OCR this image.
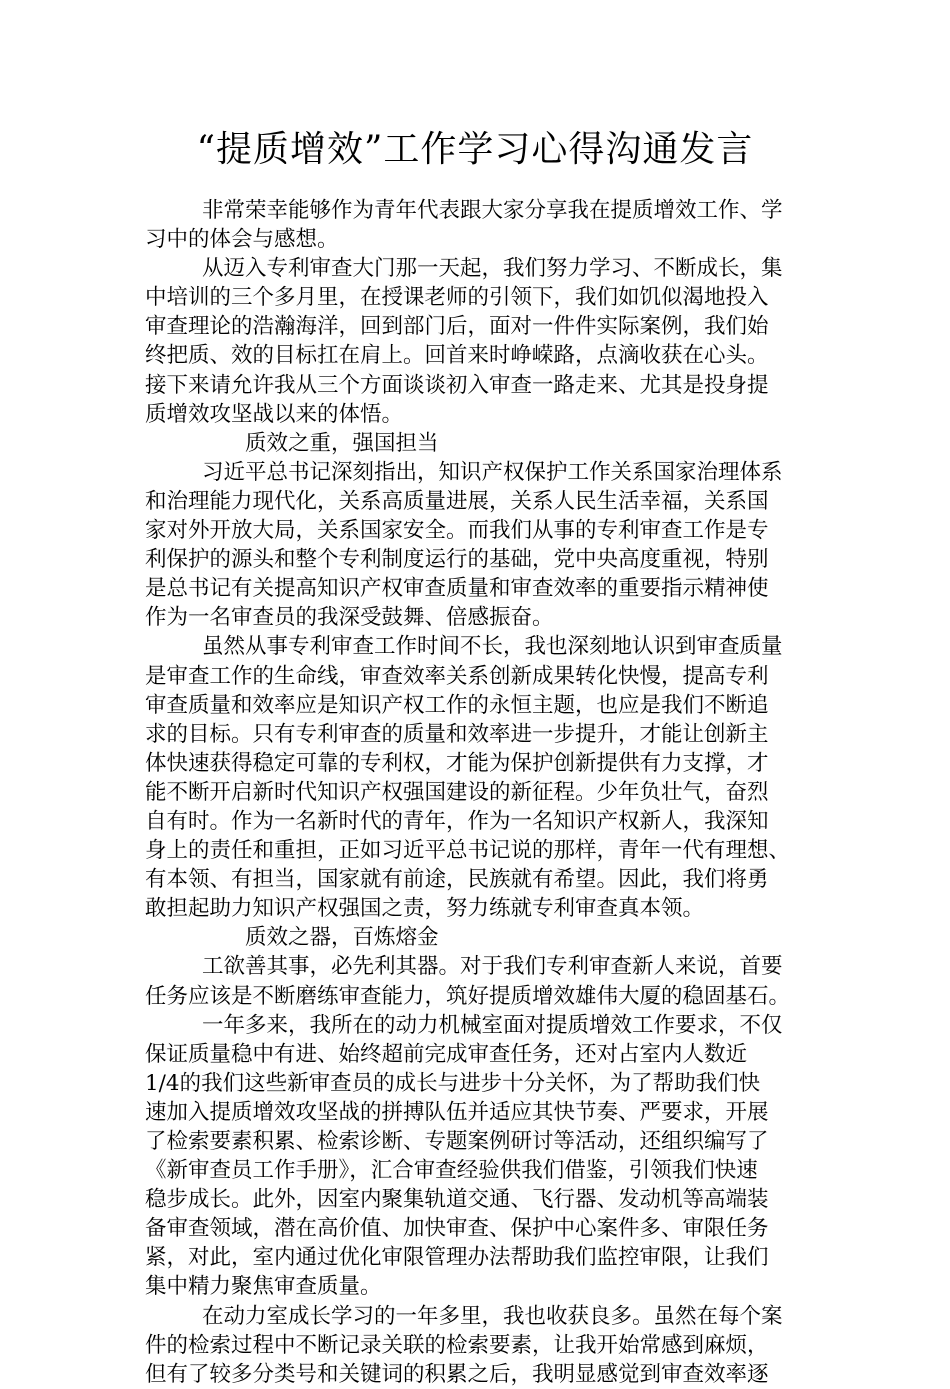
“提质增效”工作学习心得沟通发言

非常荣幸能够作为青年代表跟大家分享我在提质增效工作、学

习中的体会与感想。

从迈入专利审查大门那一天起，我们努力学习、不断成长，集

中培训的三个多月里，在授课老师的引领下，我们如饥似渴地投入

审查理论的浩瀚海洋，回到部门后，面对一件件实际案例，我们始

终把质、效的目标扛在肩上。回首来时峥嵘路，点滴收获在心头。

接下来请允许我从三个方面谈谈初入审查一路走来、尤其是投身提

质增效攻坚战以来的体悟。

质效之重，强国担当

习近平总书记深刻指出，知识产权保护工作关系国家治理体系

和治理能力现代化，关系高质量进展，关系人民生活幸福，关系国

家对外开放大局，关系国家安全。而我们从事的专利审查工作是专

利保护的源头和整个专利制度运行的基础，党中央高度重视，特别

是总书记有关提高知识产权审查质量和审查效率的重要指示精神使

作为一名审查员的我深受鼓舞、倍感振奋。

虽然从事专利审查工作时间不长，我也深刻地认识到审查质量

是审查工作的生命线，审查效率关系创新成果转化快慢，提高专利

审查质量和效率应是知识产权工作的永恒主题，也应是我们不断追

求的目标。只有专利审查的质量和效率进一步提升，才能让创新主

体快速获得稳定可靠的专利权，才能为保护创新提供有力支撑，才

能不断开启新时代知识产权强国建设的新征程。少年负壮气，奋烈

自有时。作为一名新时代的青年，作为一名知识产权新人，我深知

身上的责任和重担，正如习近平总书记说的那样，青年一代有理想、

有本领、有担当，国家就有前途，民族就有希望。因此，我们将勇

敢担起助力知识产权强国之责，努力练就专利审查真本领。

质效之器，百炼熔金

工欲善其事，必先利其器。对于我们专利审查新人来说，首要

任务应该是不断磨练审查能力，筑好提质增效雄伟大厦的稳固基石。

一年多来，我所在的动力机械室面对提质增效工作要求，不仅

保证质量稳中有进、始终超前完成审查任务，还对占室内人数近

1/4的我们这些新审查员的成长与进步十分关怀，为了帮助我们快

速加入提质增效攻坚战的拼搏队伍并适应其快节奏、严要求，开展

了检索要素积累、检索诊断、专题案例研讨等活动，还组织编写了

《新审查员工作手册》，汇合审查经验供我们借鉴，引领我们快速

稳步成长。此外，因室内聚集轨道交通、飞行器、发动机等高端装

备审查领域，潜在高价值、加快审查、保护中心案件多、审限任务

紧，对此，室内通过优化审限管理办法帮助我们监控审限，让我们

集中精力聚焦审查质量。

在动力室成长学习的一年多里，我也收获良多。虽然在每个案

件的检索过程中不断记录关联的检索要素，让我开始常感到麻烦，

但有了较多分类号和关键词的积累之后，我明显感觉到审查效率逐
